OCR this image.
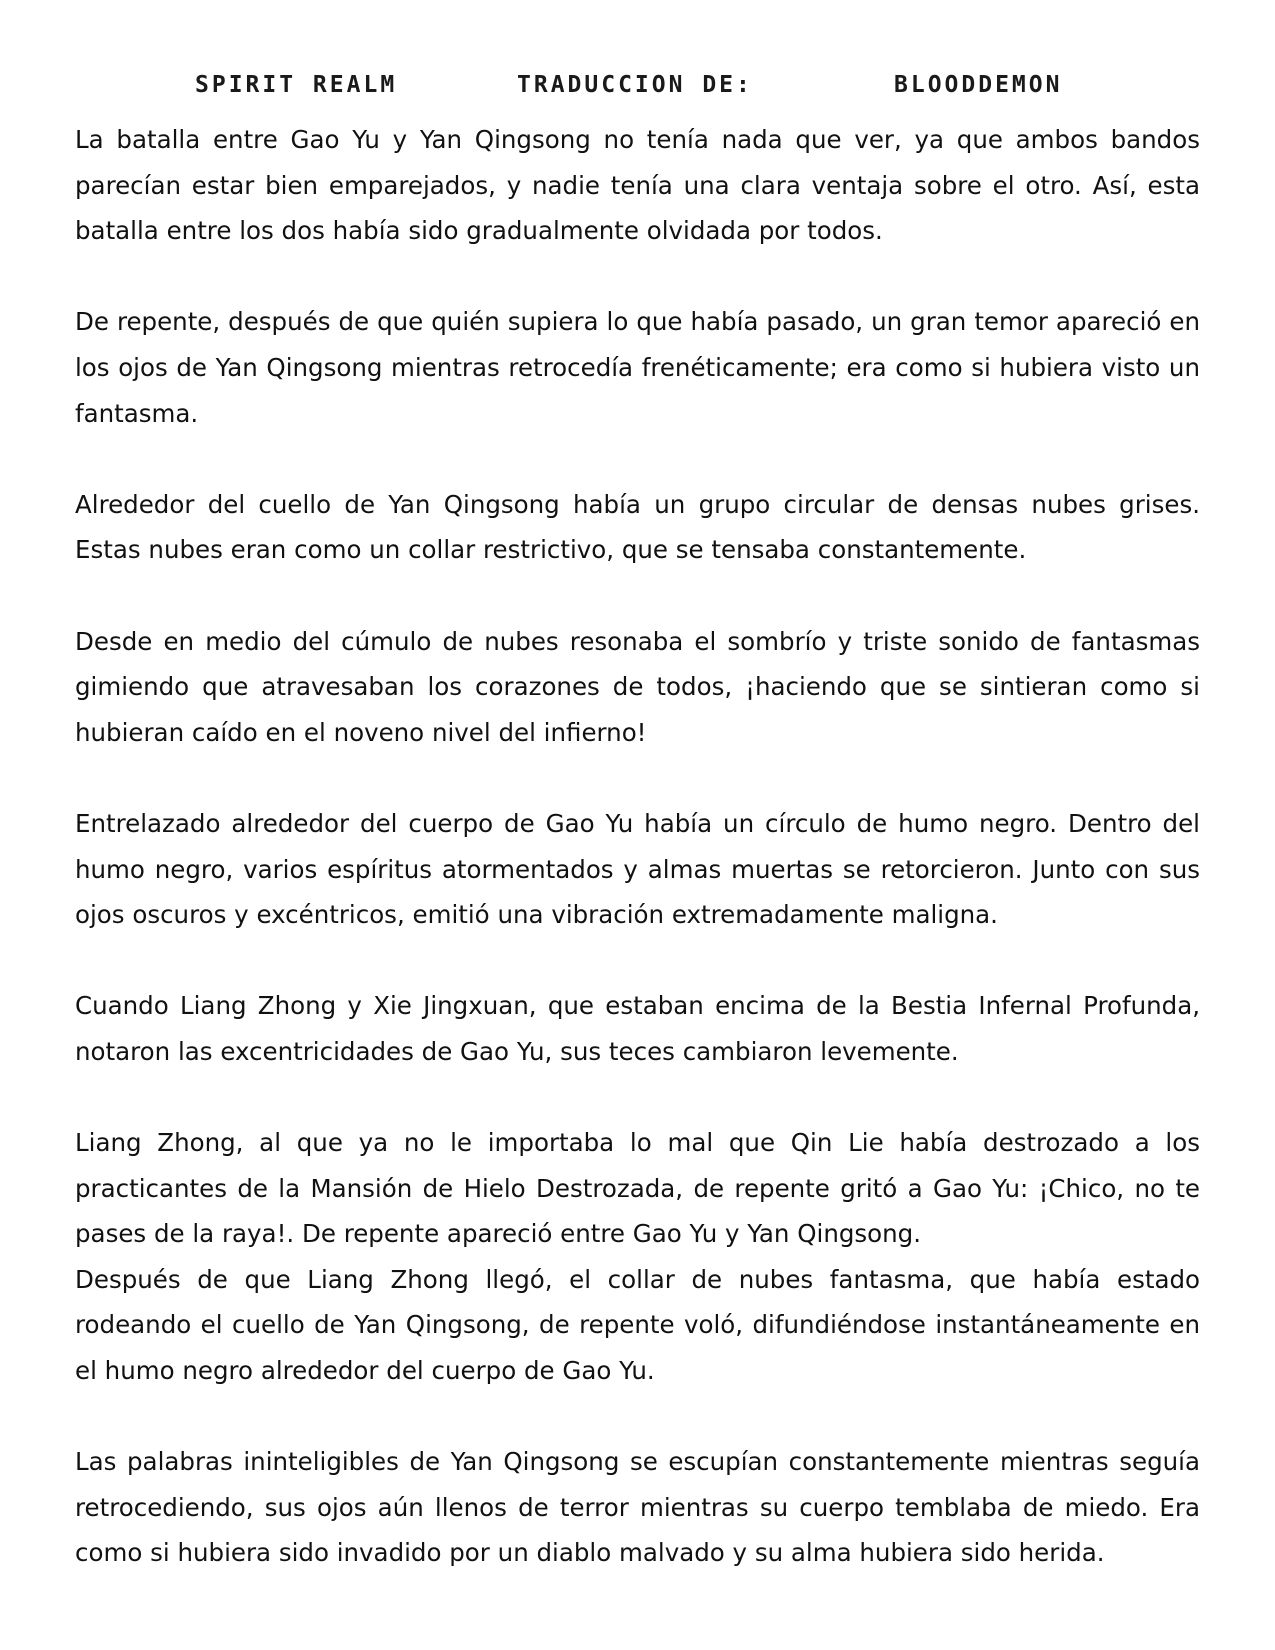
SPIRIT REALM	TRADUCCION DE:	BLOODDEMON

La batalla entre Gao Yu y Yan Qingsong no tenía nada que ver, ya que ambos bandos parecían estar bien emparejados, y nadie tenía una clara ventaja sobre el otro. Así, esta batalla entre los dos había sido gradualmente olvidada por todos.

De repente, después de que quién supiera lo que había pasado, un gran temor apareció en los ojos de Yan Qingsong mientras retrocedía frenéticamente; era como si hubiera visto un fantasma.

Alrededor del cuello de Yan Qingsong había un grupo circular de densas nubes grises. Estas nubes eran como un collar restrictivo, que se tensaba constantemente.

Desde en medio del cúmulo de nubes resonaba el sombrío y triste sonido de fantasmas gimiendo que atravesaban los corazones de todos, ¡haciendo que se sintieran como si hubieran caído en el noveno nivel del infierno!

Entrelazado alrededor del cuerpo de Gao Yu había un círculo de humo negro. Dentro del humo negro, varios espíritus atormentados y almas muertas se retorcieron. Junto con sus ojos oscuros y excéntricos, emitió una vibración extremadamente maligna.

Cuando Liang Zhong y Xie Jingxuan, que estaban encima de la Bestia Infernal Profunda, notaron las excentricidades de Gao Yu, sus teces cambiaron levemente.

Liang Zhong, al que ya no le importaba lo mal que Qin Lie había destrozado a los practicantes de la Mansión de Hielo Destrozada, de repente gritó a Gao Yu: ¡Chico, no te pases de la raya!. De repente apareció entre Gao Yu y Yan Qingsong.

Después de que Liang Zhong llegó, el collar de nubes fantasma, que había estado rodeando el cuello de Yan Qingsong, de repente voló, difundiéndose instantáneamente en el humo negro alrededor del cuerpo de Gao Yu.

Las palabras ininteligibles de Yan Qingsong se escupían constantemente mientras seguía retrocediendo, sus ojos aún llenos de terror mientras su cuerpo temblaba de miedo. Era como si hubiera sido invadido por un diablo malvado y su alma hubiera sido herida.
